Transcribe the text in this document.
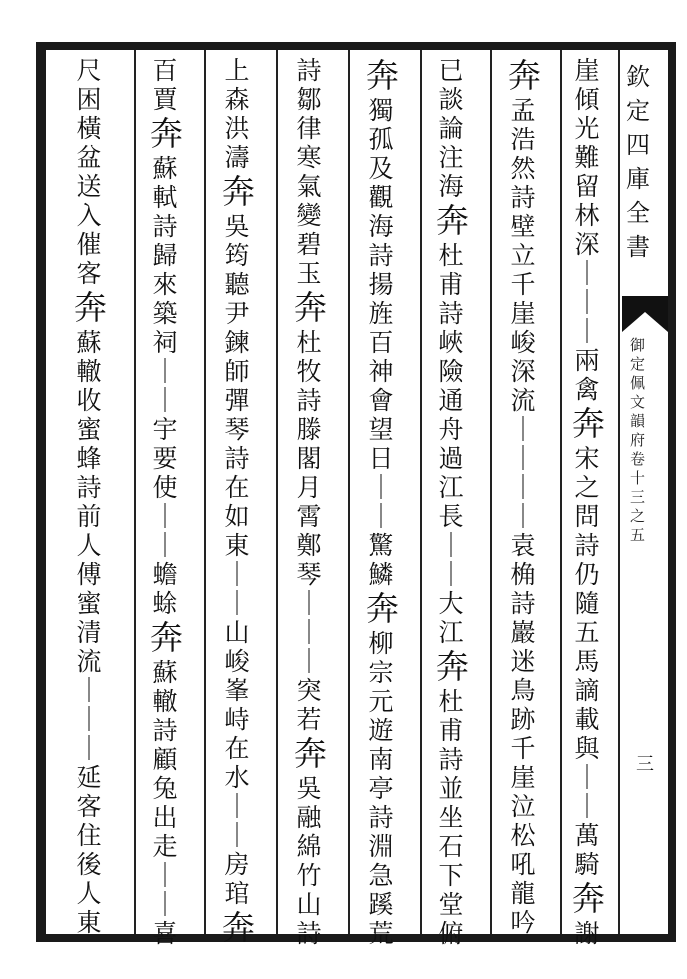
欽
定
四
庫
全
書
御
定
佩
文
韻
府
卷
十
三
之
五
三
崖
傾
光
難
留
林
深
｜
｜
｜
兩
禽
奔
宋
之
問
詩
仍
隨
五
馬
謫
載
與
｜
｜
萬
騎
奔
謝
奔
孟
浩
然
詩
壁
立
千
崖
峻
深
流
｜
｜
｜
｜
袁
桷
詩
巖
迷
鳥
跡
千
崖
泣
松
吼
龍
吟
已
談
論
注
海
奔
杜
甫
詩
峽
險
通
舟
過
江
長
｜
｜
大
江
奔
杜
甫
詩
並
坐
石
下
堂
俯
奔
獨
孤
及
觀
海
詩
揚
旌
百
神
會
望
日
｜
｜
驚
鱗
奔
柳
宗
元
遊
南
亭
詩
淵
急
蹊
荒
詩
鄒
律
寒
氣
變
碧
玉
奔
杜
牧
詩
滕
閣
月
霄
鄭
琴
｜
｜
｜
突
若
奔
吳
融
綿
竹
山
詩
上
森
洪
濤
奔
吳
筠
聽
尹
鍊
師
彈
琴
詩
在
如
東
｜
｜
山
峻
峯
峙
在
水
｜
｜
房
琯
奔
百
賈
奔
蘇
軾
詩
歸
來
築
祠
｜
｜
宇
要
使
｜
｜
蟾
蜍
奔
蘇
轍
詩
顧
兔
出
走
｜
｜
喜
尺
困
橫
盆
送
入
催
客
奔
蘇
轍
收
蜜
蜂
詩
前
人
傅
蜜
清
流
｜
｜
｜
延
客
住
後
人
東
